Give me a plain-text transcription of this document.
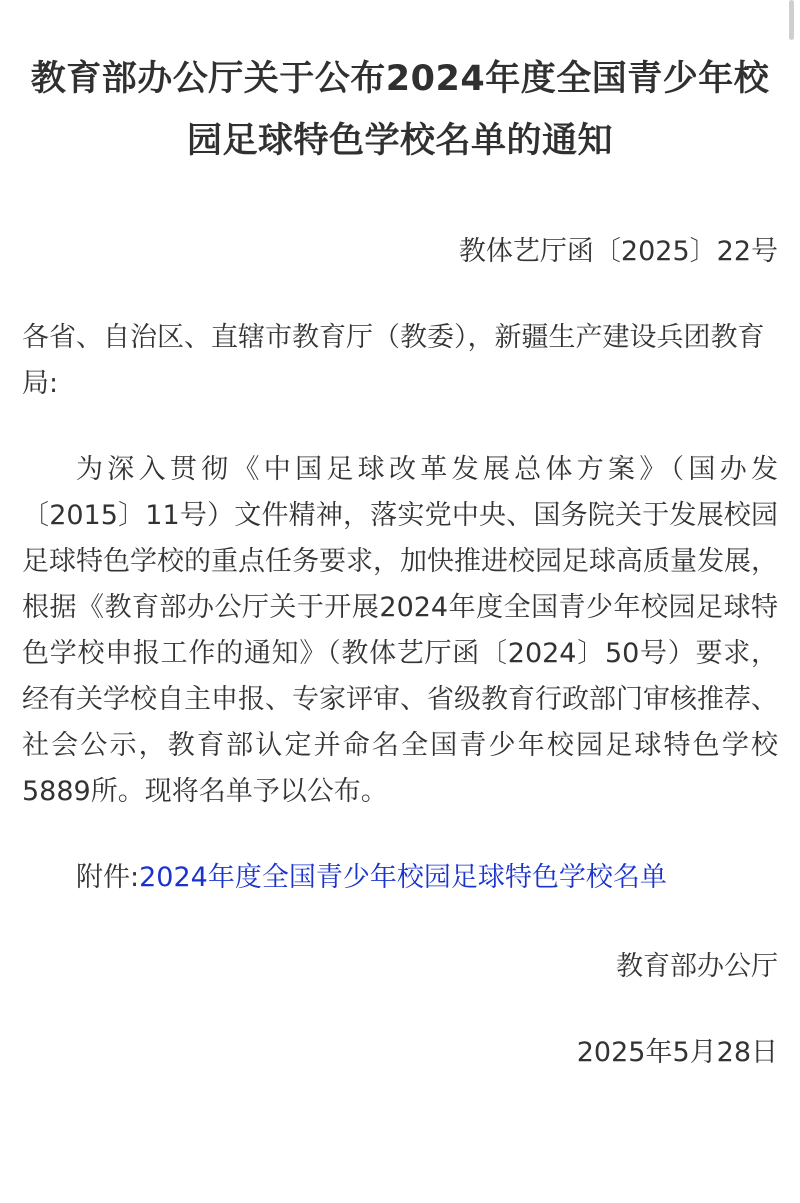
教育部办公厅关于公布2024年度全国青少年校园足球特色学校名单的通知
教体艺厅函〔2025〕22号
各省、自治区、直辖市教育厅（教委），新疆生产建设兵团教育局:
为深入贯彻《中国足球改革发展总体方案》（国办发〔2015〕11号）文件精神，落实党中央、国务院关于发展校园足球特色学校的重点任务要求，加快推进校园足球高质量发展，根据《教育部办公厅关于开展2024年度全国青少年校园足球特色学校申报工作的通知》（教体艺厅函〔2024〕50号）要求，经有关学校自主申报、专家评审、省级教育行政部门审核推荐、社会公示，教育部认定并命名全国青少年校园足球特色学校5889所。现将名单予以公布。
附件:2024年度全国青少年校园足球特色学校名单
教育部办公厅
2025年5月28日
